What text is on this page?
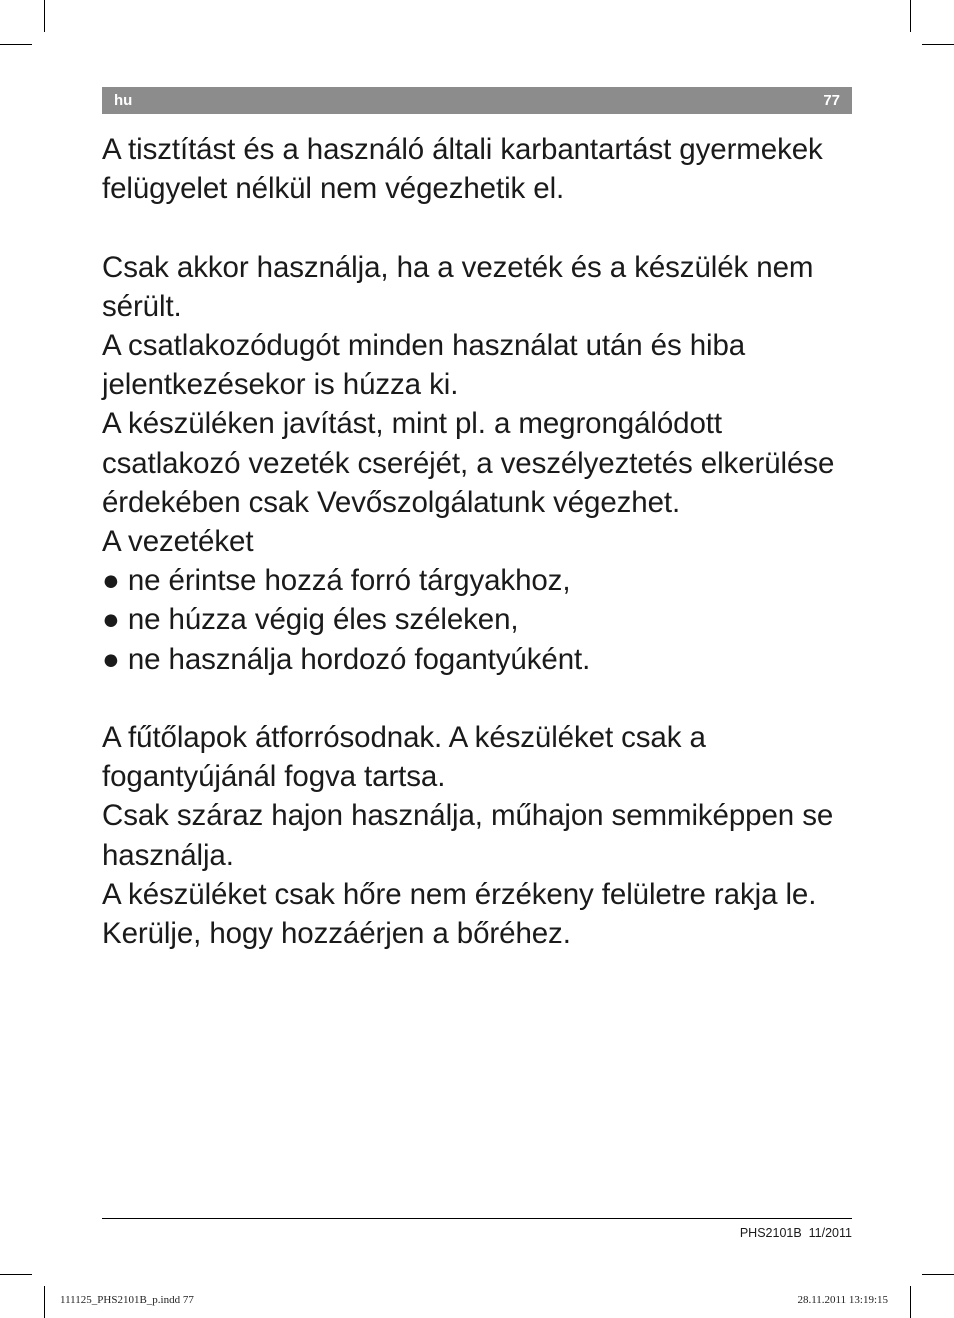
hu	77

A tisztítást és a használó általi karbantartást gyermekek felügyelet nélkül nem végezhetik el.

Csak akkor használja, ha a vezeték és a készülék nem sérült.

A csatlakozódugót minden használat után és hiba jelentkezésekor is húzza ki.

A készüléken javítást, mint pl. a megrongálódott csatlakozó vezeték cseréjét, a veszélyeztetés elkerülése érdekében csak Vevőszolgálatunk végezhet.

A vezetéket

● ne érintse hozzá forró tárgyakhoz,

● ne húzza végig éles széleken,

● ne használja hordozó fogantyúként.

A fűtőlapok átforrósodnak. A készüléket csak a fogantyújánál fogva tartsa.

Csak száraz hajon használja, műhajon semmiképpen se használja.

A készüléket csak hőre nem érzékeny felületre rakja le.

Kerülje, hogy hozzáérjen a bőréhez.

PHS2101B 11/2011
111125_PHS2101B_p.indd 77	28.11.2011 13:19:15
